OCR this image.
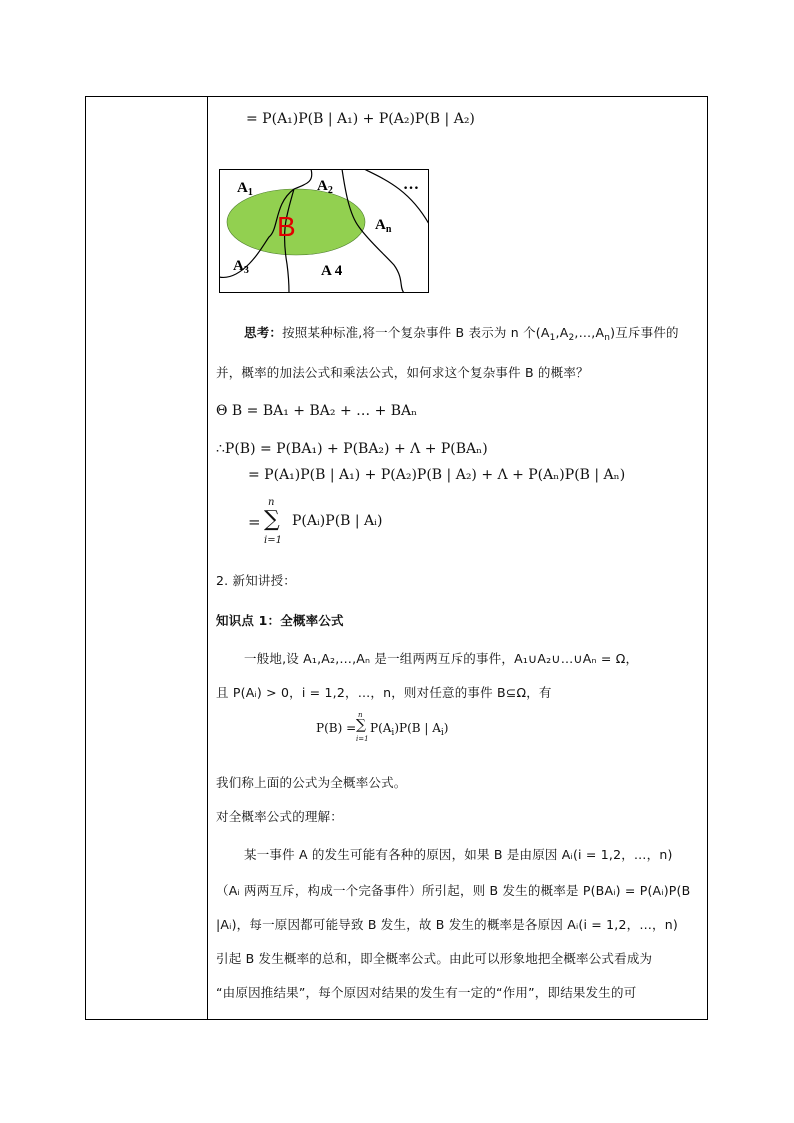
= P(A₁)P(B | A₁) + P(A₂)P(B | A₂)
B
$A_1$	$A_2$	…
$A_n$
$A_3$	A 4
思考：按照某种标准,将一个复杂事件 B 表示为 n 个$(A_1,A_2,\dots,A_n)$互斥事件的
并，概率的加法公式和乘法公式，如何求这个复杂事件 B 的概率？
Θ B = BA₁ + BA₂ + … + BAₙ
∴P(B) = P(BA₁) + P(BA₂) + Λ + P(BAₙ)
= P(A₁)P(B | A₁) + P(A₂)P(B | A₂) + Λ + P(Aₙ)P(B | Aₙ)
=
n
∑
i=1
P(Aᵢ)P(B | Aᵢ)
2. 新知讲授：
知识点 1：全概率公式
一般地,设 A₁,A₂,…,Aₙ 是一组两两互斥的事件，A₁∪A₂∪…∪Aₙ = Ω，
且 P(Aᵢ) > 0，i = 1,2，…，n，则对任意的事件 B⊆Ω，有
P(B) =
n
∑
i=1
$P(A_i)P(B$ | $A_i$)
我们称上面的公式为全概率公式。
对全概率公式的理解：
某一事件 A 的发生可能有各种的原因，如果 B 是由原因 Aᵢ(i = 1,2，…，n)
（Aᵢ 两两互斥，构成一个完备事件）所引起，则 B 发生的概率是 P(BAᵢ) = P(Aᵢ)P(B
|Aᵢ)，每一原因都可能导致 B 发生，故 B 发生的概率是各原因 Aᵢ(i = 1,2，…，n)
引起 B 发生概率的总和，即全概率公式。由此可以形象地把全概率公式看成为
“由原因推结果”，每个原因对结果的发生有一定的“作用”，即结果发生的可
